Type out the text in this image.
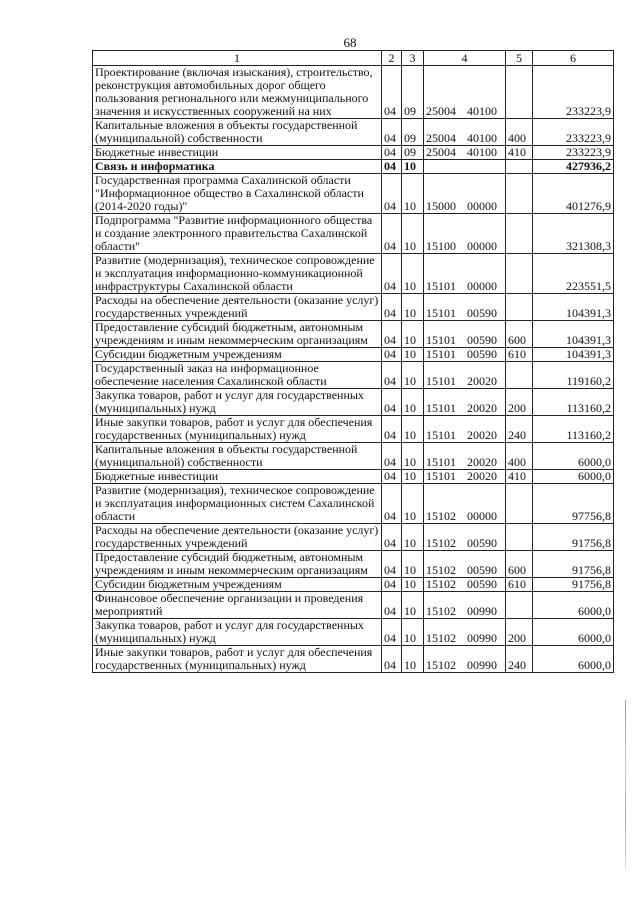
68
1	2	3	4	5	6
Проектирование (включая изыскания), строительство, реконструкция автомобильных дорог общего пользования регионального или межмуниципального значения и искусственных сооружений на них	04	09	25004 40100		233223,9
Капитальные вложения в объекты государственной (муниципальной) собственности	04	09	25004 40100	400	233223,9
Бюджетные инвестиции	04	09	25004 40100	410	233223,9
Связь и информатика	04	10			427936,2
Государственная программа Сахалинской области "Информационное общество в Сахалинской области (2014-2020 годы)"	04	10	15000 00000		401276,9
Подпрограмма "Развитие информационного общества и создание электронного правительства Сахалинской области"	04	10	15100 00000		321308,3
Развитие (модернизация), техническое сопровождение и эксплуатация информационно-коммуникационной инфраструктуры Сахалинской области	04	10	15101 00000		223551,5
Расходы на обеспечение деятельности (оказание услуг) государственных учреждений	04	10	15101 00590		104391,3
Предоставление субсидий бюджетным, автономным учреждениям и иным некоммерческим организациям	04	10	15101 00590	600	104391,3
Субсидии бюджетным учреждениям	04	10	15101 00590	610	104391,3
Государственный заказ на информационное обеспечение населения Сахалинской области	04	10	15101 20020		119160,2
Закупка товаров, работ и услуг для государственных (муниципальных) нужд	04	10	15101 20020	200	113160,2
Иные закупки товаров, работ и услуг для обеспечения государственных (муниципальных) нужд	04	10	15101 20020	240	113160,2
Капитальные вложения в объекты государственной (муниципальной) собственности	04	10	15101 20020	400	6000,0
Бюджетные инвестиции	04	10	15101 20020	410	6000,0
Развитие (модернизация), техническое сопровождение и эксплуатация информационных систем Сахалинской области	04	10	15102 00000		97756,8
Расходы на обеспечение деятельности (оказание услуг) государственных учреждений	04	10	15102 00590		91756,8
Предоставление субсидий бюджетным, автономным учреждениям и иным некоммерческим организациям	04	10	15102 00590	600	91756,8
Субсидии бюджетным учреждениям	04	10	15102 00590	610	91756,8
Финансовое обеспечение организации и проведения мероприятий	04	10	15102 00990		6000,0
Закупка товаров, работ и услуг для государственных (муниципальных) нужд	04	10	15102 00990	200	6000,0
Иные закупки товаров, работ и услуг для обеспечения государственных (муниципальных) нужд	04	10	15102 00990	240	6000,0
